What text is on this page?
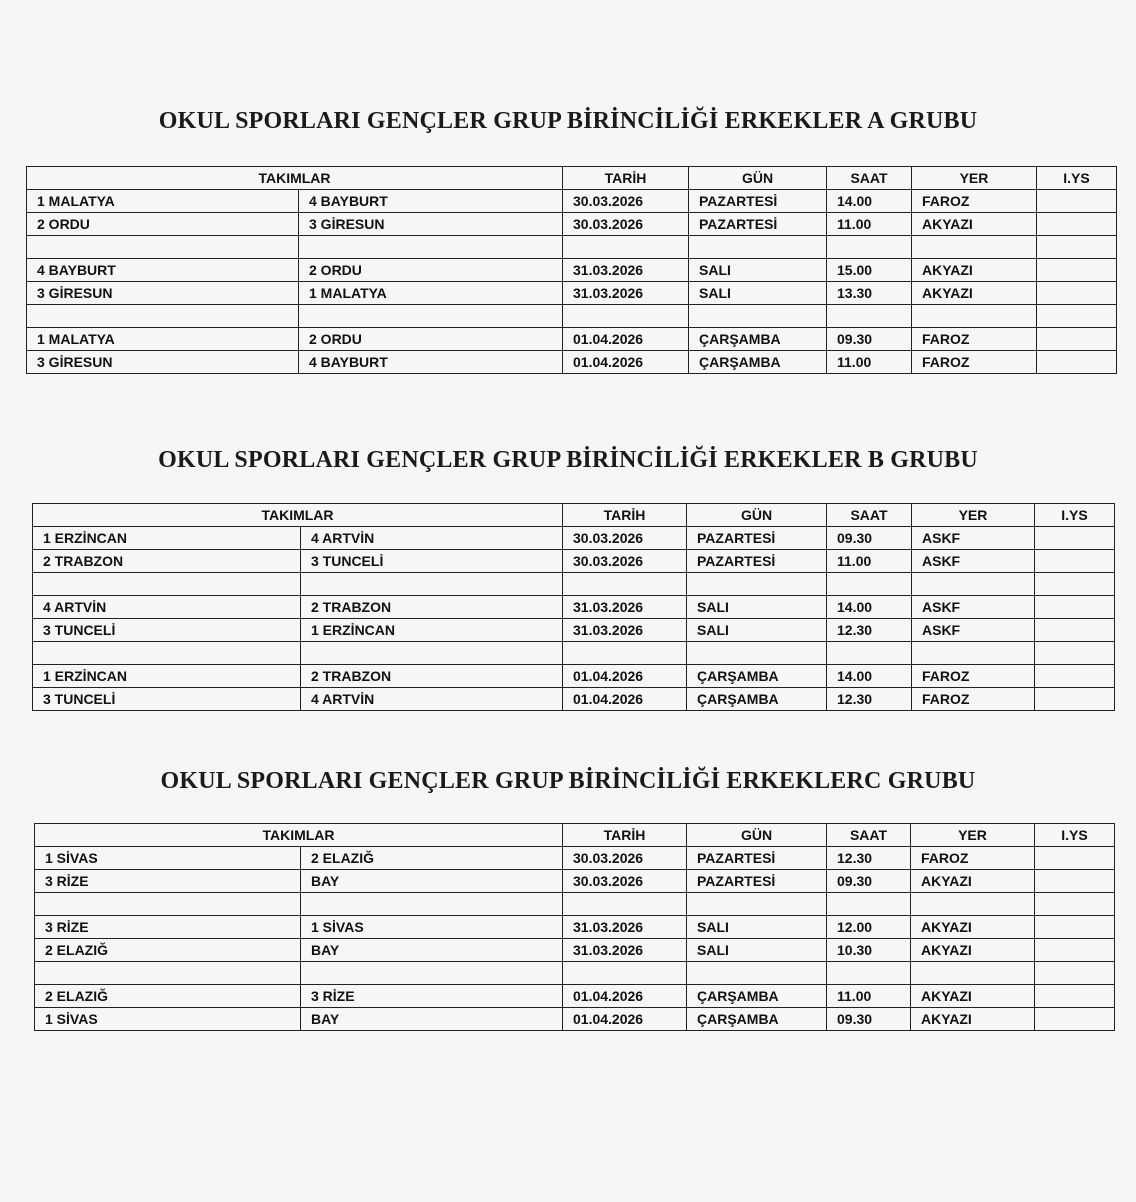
OKUL SPORLARI GENÇLER GRUP BİRİNCİLİĞİ ERKEKLER A GRUBU
TAKIMLAR		TARİH	GÜN	SAAT	YER	I.YS
1 MALATYA	4 BAYBURT	30.03.2026	PAZARTESİ	14.00	FAROZ	
2 ORDU	3 GİRESUN	30.03.2026	PAZARTESİ	11.00	AKYAZI	

4 BAYBURT	2 ORDU	31.03.2026	SALI	15.00	AKYAZI	
3 GİRESUN	1 MALATYA	31.03.2026	SALI	13.30	AKYAZI	

1 MALATYA	2 ORDU	01.04.2026	ÇARŞAMBA	09.30	FAROZ	
3 GİRESUN	4 BAYBURT	01.04.2026	ÇARŞAMBA	11.00	FAROZ	
OKUL SPORLARI GENÇLER GRUP BİRİNCİLİĞİ ERKEKLER B GRUBU
TAKIMLAR		TARİH	GÜN	SAAT	YER	I.YS
1 ERZİNCAN	4 ARTVİN	30.03.2026	PAZARTESİ	09.30	ASKF	
2 TRABZON	3 TUNCELİ	30.03.2026	PAZARTESİ	11.00	ASKF	

4 ARTVİN	2 TRABZON	31.03.2026	SALI	14.00	ASKF	
3 TUNCELİ	1 ERZİNCAN	31.03.2026	SALI	12.30	ASKF	

1 ERZİNCAN	2 TRABZON	01.04.2026	ÇARŞAMBA	14.00	FAROZ	
3 TUNCELİ	4 ARTVİN	01.04.2026	ÇARŞAMBA	12.30	FAROZ	
OKUL SPORLARI GENÇLER GRUP BİRİNCİLİĞİ ERKEKLERC GRUBU
TAKIMLAR		TARİH	GÜN	SAAT	YER	I.YS
1 SİVAS	2 ELAZIĞ	30.03.2026	PAZARTESİ	12.30	FAROZ	
3 RİZE	BAY	30.03.2026	PAZARTESİ	09.30	AKYAZI	

3 RİZE	1 SİVAS	31.03.2026	SALI	12.00	AKYAZI	
2 ELAZIĞ	BAY	31.03.2026	SALI	10.30	AKYAZI	

2 ELAZIĞ	3 RİZE	01.04.2026	ÇARŞAMBA	11.00	AKYAZI	
1 SİVAS	BAY	01.04.2026	ÇARŞAMBA	09.30	AKYAZI	
